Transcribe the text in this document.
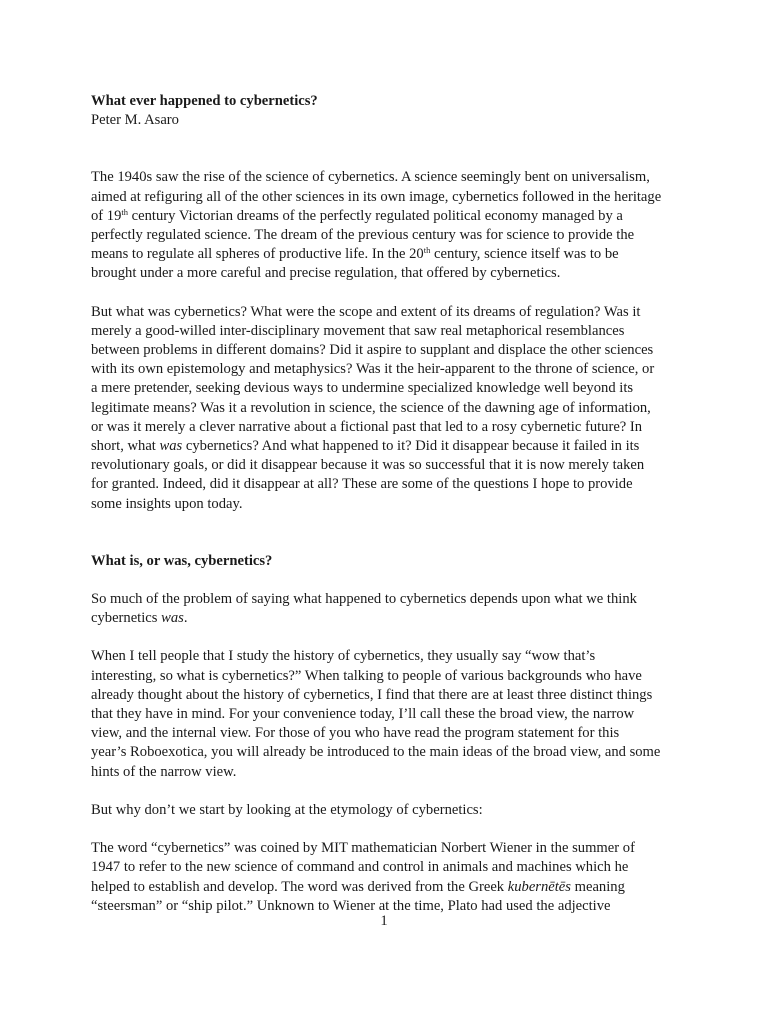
What ever happened to cybernetics?
Peter M. Asaro
The 1940s saw the rise of the science of cybernetics. A science seemingly bent on universalism,
aimed at refiguring all of the other sciences in its own image, cybernetics followed in the heritage
of 19th century Victorian dreams of the perfectly regulated political economy managed by a
perfectly regulated science. The dream of the previous century was for science to provide the
means to regulate all spheres of productive life. In the 20th century, science itself was to be
brought under a more careful and precise regulation, that offered by cybernetics.
But what was cybernetics? What were the scope and extent of its dreams of regulation? Was it
merely a good-willed inter-disciplinary movement that saw real metaphorical resemblances
between problems in different domains? Did it aspire to supplant and displace the other sciences
with its own epistemology and metaphysics? Was it the heir-apparent to the throne of science, or
a mere pretender, seeking devious ways to undermine specialized knowledge well beyond its
legitimate means? Was it a revolution in science, the science of the dawning age of information,
or was it merely a clever narrative about a fictional past that led to a rosy cybernetic future? In
short, what was cybernetics? And what happened to it? Did it disappear because it failed in its
revolutionary goals, or did it disappear because it was so successful that it is now merely taken
for granted. Indeed, did it disappear at all? These are some of the questions I hope to provide
some insights upon today.
What is, or was, cybernetics?
So much of the problem of saying what happened to cybernetics depends upon what we think
cybernetics was.
When I tell people that I study the history of cybernetics, they usually say “wow that’s
interesting, so what is cybernetics?” When talking to people of various backgrounds who have
already thought about the history of cybernetics, I find that there are at least three distinct things
that they have in mind. For your convenience today, I’ll call these the broad view, the narrow
view, and the internal view. For those of you who have read the program statement for this
year’s Roboexotica, you will already be introduced to the main ideas of the broad view, and some
hints of the narrow view.
But why don’t we start by looking at the etymology of cybernetics:
The word “cybernetics” was coined by MIT mathematician Norbert Wiener in the summer of
1947 to refer to the new science of command and control in animals and machines which he
helped to establish and develop. The word was derived from the Greek kubernētēs meaning
“steersman” or “ship pilot.” Unknown to Wiener at the time, Plato had used the adjective
1
